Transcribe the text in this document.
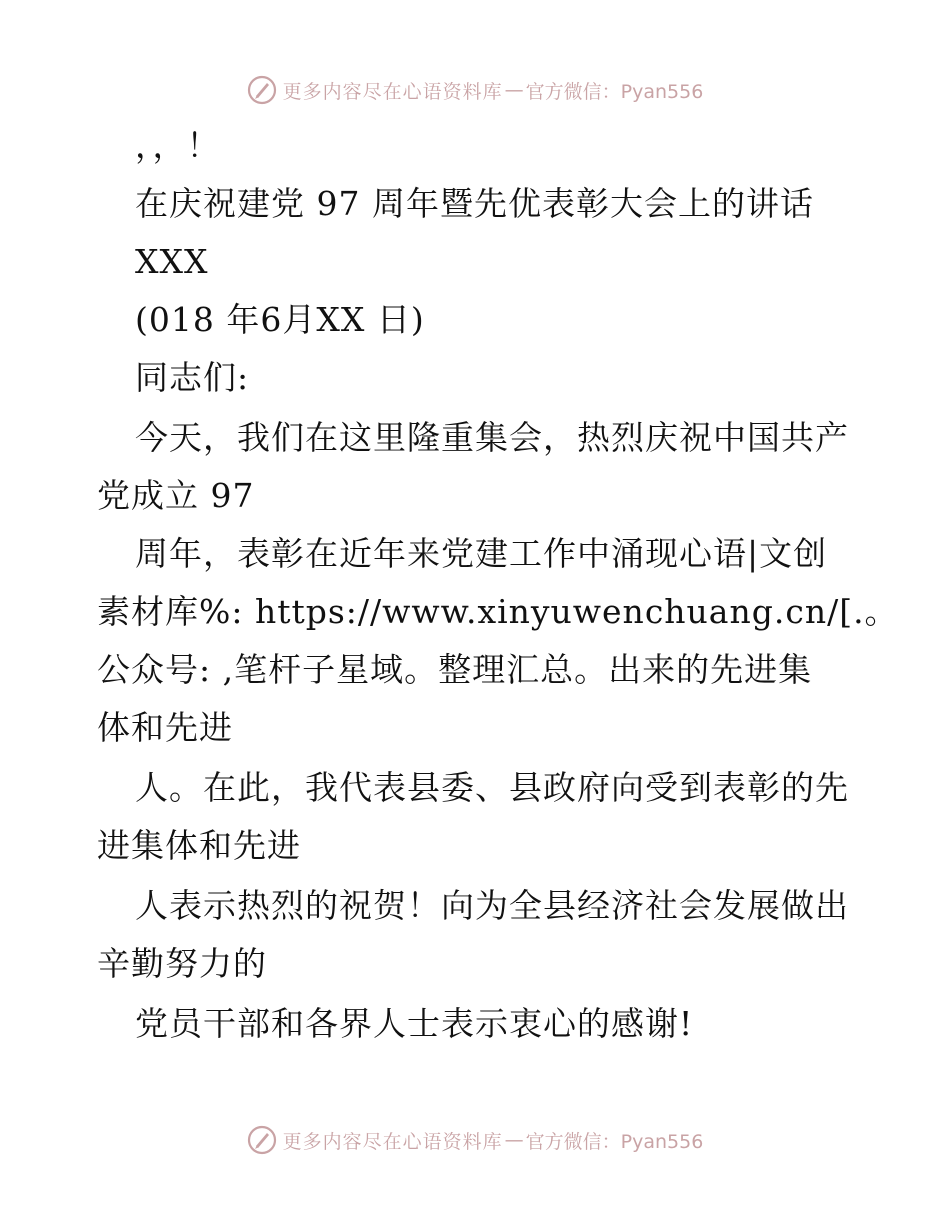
更多内容尽在心语资料库 — 官方微信：Pyan556
，，！
在庆祝建党 97 周年暨先优表彰大会上的讲话
XXX
(018 年6月XX 日)
同志们:
今天，我们在这里隆重集会，热烈庆祝中国共产
党成立 97
周年，表彰在近年来党建工作中涌现心语|文创
素材库%: https://www.xinyuwenchuang.cn/[.。
公众号: ,笔杆子星域。整理汇总。出来的先进集
体和先进
人。在此，我代表县委、县政府向受到表彰的先
进集体和先进
人表示热烈的祝贺！向为全县经济社会发展做出
辛勤努力的
党员干部和各界人士表示衷心的感谢!
更多内容尽在心语资料库 — 官方微信：Pyan556
